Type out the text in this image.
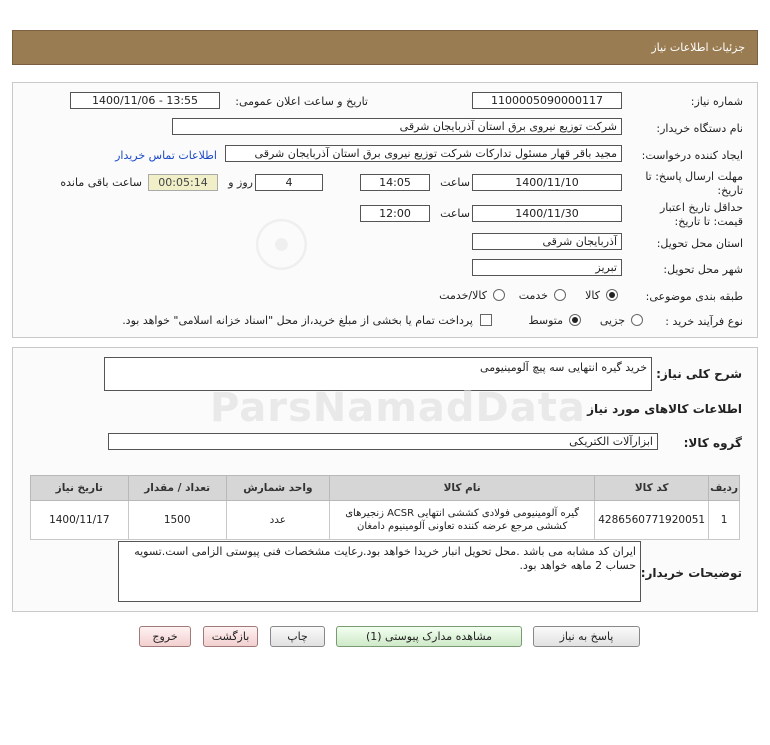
جزئیات اطلاعات نیاز
شماره نیاز:
1100005090000117
تاریخ و ساعت اعلان عمومی:
1400/11/06 - 13:55
نام دستگاه خریدار:
شرکت توزیع نیروی برق استان آذربایجان شرقی
ایجاد کننده درخواست:
مجید باقر قهار مسئول تداركات شرکت توزیع نیروی برق استان آذربایجان شرقی
اطلاعات تماس خریدار
مهلت ارسال پاسخ: تا
تاریخ:
1400/11/10
ساعت
14:05
4
روز و
00:05:14
ساعت باقی مانده
حداقل تاریخ اعتبار
قیمت: تا تاریخ:
1400/11/30
ساعت
12:00
☉	استان محل تحویل:
آذربایجان شرقی
شهر محل تحویل:
تبریز
طبقه بندی موضوعی:
کالا
خدمت
کالا/خدمت
نوع فرآیند خرید :
جزیی
متوسط
پرداخت تمام یا بخشی از مبلغ خرید،از محل "اسناد خزانه اسلامی" خواهد بود.
شرح کلی نیاز:
خرید گیره انتهایی سه پیچ آلومینیومی
ParsNamadData اطلاعات کالاهای مورد نیاز
گروه کالا:
ابزارآلات الکتریکی
ردیف	کد کالا	نام کالا	واحد شمارش	تعداد / مقدار	تاریخ نیاز
1	4286560771920051	گیره آلومینیومی فولادی کششی انتهایی ACSR زنجیرهای کششی مرجع عرضه کننده تعاونی آلومینیوم دامغان	عدد	1500	1400/11/17
توضیحات خریدار:
ایران کد مشابه می باشد .محل تحویل انبار خریدا خواهد بود.رعایت مشخصات فنی پیوستی الزامی است.تسویه حساب 2 ماهه خواهد بود.
پاسخ به نیاز
مشاهده مدارک پیوستی (1)
چاپ
بازگشت
خروج
